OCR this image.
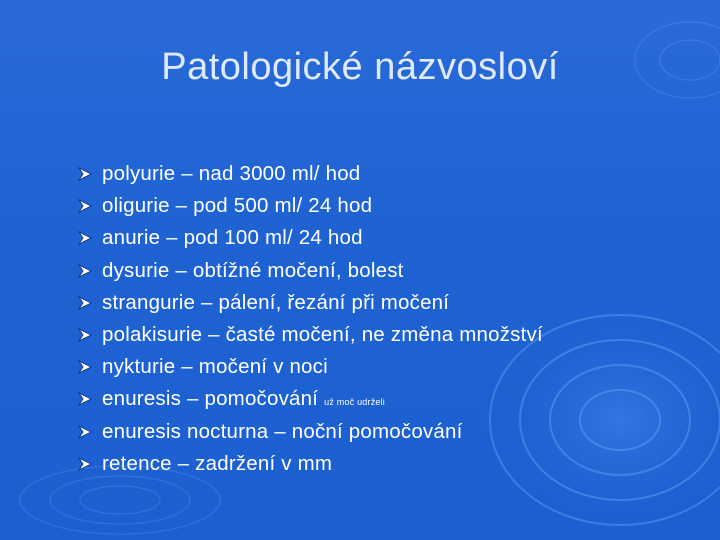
Patologické názvosloví
polyurie – nad 3000 ml/ hod
oligurie – pod 500 ml/ 24 hod
anurie – pod 100 ml/ 24 hod
dysurie – obtížné močení, bolest
strangurie – pálení, řezání při močení
polakisurie – časté močení, ne změna množství
nykturie – močení v noci
enuresis – pomočování už moč udrželi
enuresis nocturna – noční pomočování
retence – zadržení v mm
